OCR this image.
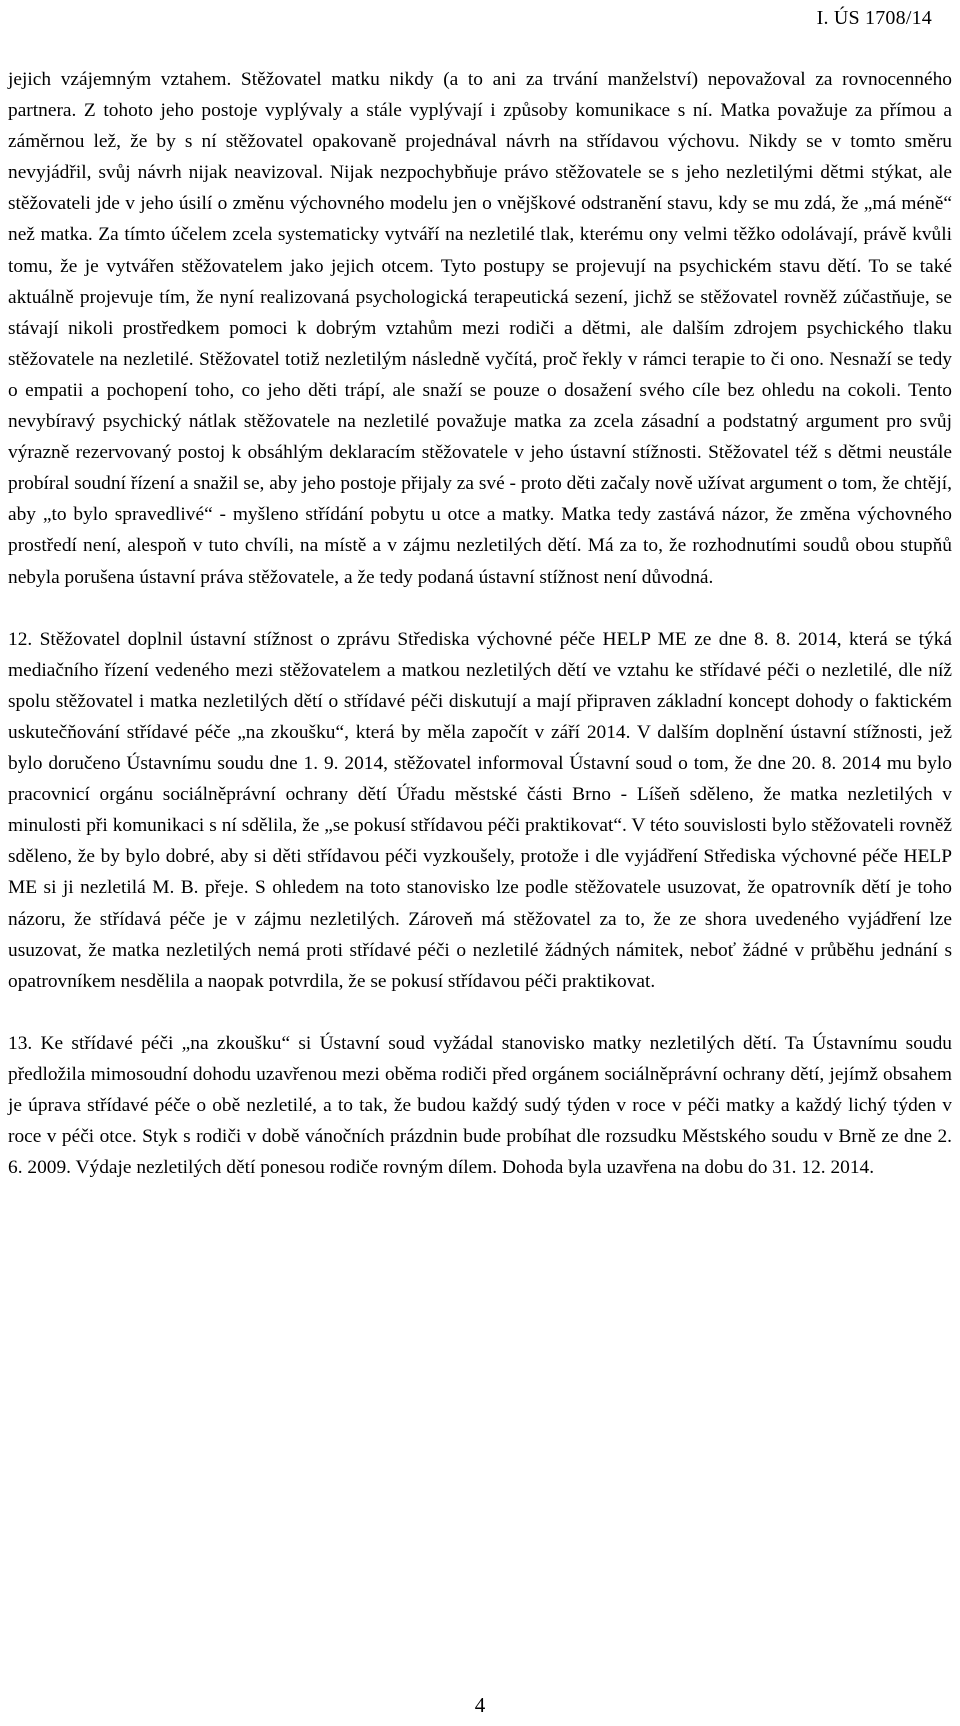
I. ÚS 1708/14

jejich vzájemným vztahem. Stěžovatel matku nikdy (a to ani za trvání manželství) nepovažoval za rovnocenného partnera. Z tohoto jeho postoje vyplývaly a stále vyplývají i způsoby komunikace s ní. Matka považuje za přímou a záměrnou lež, že by s ní stěžovatel opakovaně projednával návrh na střídavou výchovu. Nikdy se v tomto směru nevyjádřil, svůj návrh nijak neavizoval. Nijak nezpochybňuje právo stěžovatele se s jeho nezletilými dětmi stýkat, ale stěžovateli jde v jeho úsilí o změnu výchovného modelu jen o vnějškové odstranění stavu, kdy se mu zdá, že „má méně“ než matka. Za tímto účelem zcela systematicky vytváří na nezletilé tlak, kterému ony velmi těžko odolávají, právě kvůli tomu, že je vytvářen stěžovatelem jako jejich otcem. Tyto postupy se projevují na psychickém stavu dětí. To se také aktuálně projevuje tím, že nyní realizovaná psychologická terapeutická sezení, jichž se stěžovatel rovněž zúčastňuje, se stávají nikoli prostředkem pomoci k dobrým vztahům mezi rodiči a dětmi, ale dalším zdrojem psychického tlaku stěžovatele na nezletilé. Stěžovatel totiž nezletilým následně vyčítá, proč řekly v rámci terapie to či ono. Nesnaží se tedy o empatii a pochopení toho, co jeho děti trápí, ale snaží se pouze o dosažení svého cíle bez ohledu na cokoli. Tento nevybíravý psychický nátlak stěžovatele na nezletilé považuje matka za zcela zásadní a podstatný argument pro svůj výrazně rezervovaný postoj k obsáhlým deklaracím stěžovatele v jeho ústavní stížnosti. Stěžovatel též s dětmi neustále probíral soudní řízení a snažil se, aby jeho postoje přijaly za své - proto děti začaly nově užívat argument o tom, že chtějí, aby „to bylo spravedlivé“ - myšleno střídání pobytu u otce a matky. Matka tedy zastává názor, že změna výchovného prostředí není, alespoň v tuto chvíli, na místě a v zájmu nezletilých dětí. Má za to, že rozhodnutími soudů obou stupňů nebyla porušena ústavní práva stěžovatele, a že tedy podaná ústavní stížnost není důvodná.

12. Stěžovatel doplnil ústavní stížnost o zprávu Střediska výchovné péče HELP ME ze dne 8. 8. 2014, která se týká mediačního řízení vedeného mezi stěžovatelem a matkou nezletilých dětí ve vztahu ke střídavé péči o nezletilé, dle níž spolu stěžovatel i matka nezletilých dětí o střídavé péči diskutují a mají připraven základní koncept dohody o faktickém uskutečňování střídavé péče „na zkoušku“, která by měla započít v září 2014. V dalším doplnění ústavní stížnosti, jež bylo doručeno Ústavnímu soudu dne 1. 9. 2014, stěžovatel informoval Ústavní soud o tom, že dne 20. 8. 2014 mu bylo pracovnicí orgánu sociálněprávní ochrany dětí Úřadu městské části Brno - Líšeň sděleno, že matka nezletilých v minulosti při komunikaci s ní sdělila, že „se pokusí střídavou péči praktikovat“. V této souvislosti bylo stěžovateli rovněž sděleno, že by bylo dobré, aby si děti střídavou péči vyzkoušely, protože i dle vyjádření Střediska výchovné péče HELP ME si ji nezletilá M. B. přeje. S ohledem na toto stanovisko lze podle stěžovatele usuzovat, že opatrovník dětí je toho názoru, že střídavá péče je v zájmu nezletilých. Zároveň má stěžovatel za to, že ze shora uvedeného vyjádření lze usuzovat, že matka nezletilých nemá proti střídavé péči o nezletilé žádných námitek, neboť žádné v průběhu jednání s opatrovníkem nesdělila a naopak potvrdila, že se pokusí střídavou péči praktikovat.

13. Ke střídavé péči „na zkoušku“ si Ústavní soud vyžádal stanovisko matky nezletilých dětí. Ta Ústavnímu soudu předložila mimosoudní dohodu uzavřenou mezi oběma rodiči před orgánem sociálněprávní ochrany dětí, jejímž obsahem je úprava střídavé péče o obě nezletilé, a to tak, že budou každý sudý týden v roce v péči matky a každý lichý týden v roce v péči otce. Styk s rodiči v době vánočních prázdnin bude probíhat dle rozsudku Městského soudu v Brně ze dne 2. 6. 2009. Výdaje nezletilých dětí ponesou rodiče rovným dílem. Dohoda byla uzavřena na dobu do 31. 12. 2014.

4
